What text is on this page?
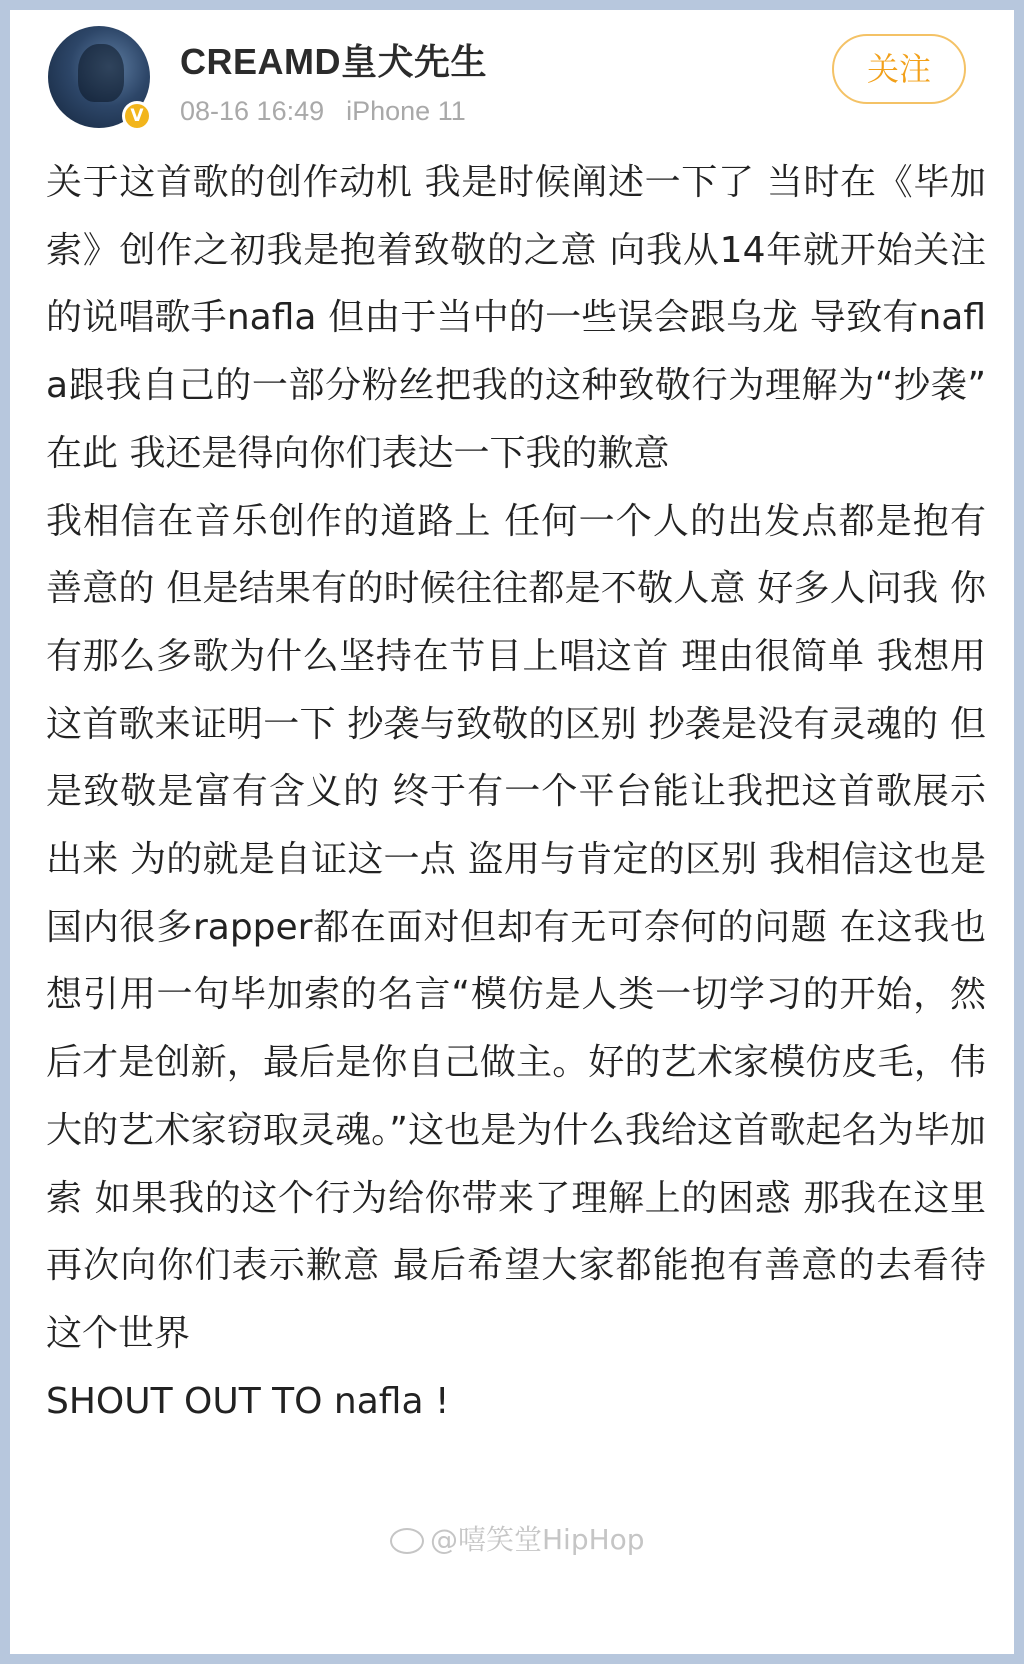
V
CREAMD皇犬先生
08-16 16:49 iPhone 11
关注

关于这首歌的创作动机 我是时候阐述一下了 当时在《毕加索》创作之初我是抱着致敬的之意 向我从14年就开始关注的说唱歌手nafla 但由于当中的一些误会跟乌龙 导致有nafla跟我自己的一部分粉丝把我的这种致敬行为理解为“抄袭” 在此 我还是得向你们表达一下我的歉意

我相信在音乐创作的道路上 任何一个人的出发点都是抱有善意的 但是结果有的时候往往都是不敬人意 好多人问我 你有那么多歌为什么坚持在节目上唱这首 理由很简单 我想用这首歌来证明一下 抄袭与致敬的区别 抄袭是没有灵魂的 但是致敬是富有含义的 终于有一个平台能让我把这首歌展示出来 为的就是自证这一点 盗用与肯定的区别 我相信这也是国内很多rapper都在面对但却有无可奈何的问题 在这我也想引用一句毕加索的名言“模仿是人类一切学习的开始，然后才是创新，最后是你自己做主。好的艺术家模仿皮毛，伟大的艺术家窃取灵魂。”这也是为什么我给这首歌起名为毕加索 如果我的这个行为给你带来了理解上的困惑 那我在这里再次向你们表示歉意 最后希望大家都能抱有善意的去看待这个世界

SHOUT OUT TO nafla !

@嘻笑堂HipHop
